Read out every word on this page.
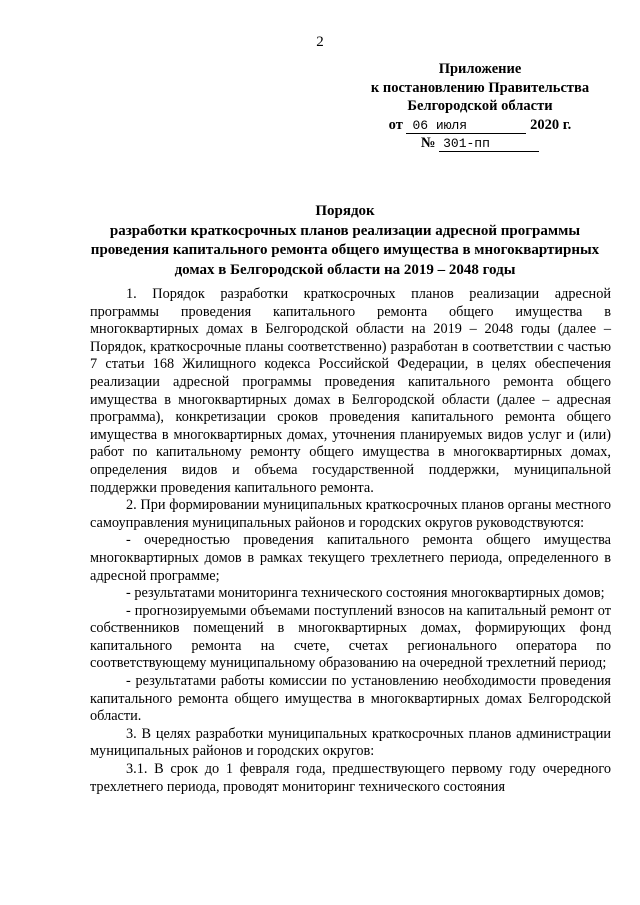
2
Приложение
к постановлению Правительства
Белгородской области
от 06 июля	2020 г.
№ 301-пп
Порядок
разработки краткосрочных планов реализации адресной программы
проведения капитального ремонта общего имущества в многоквартирных
домах в Белгородской области на 2019 – 2048 годы

1. Порядок разработки краткосрочных планов реализации адресной программы проведения капитального ремонта общего имущества в многоквартирных домах в Белгородской области на 2019 – 2048 годы (далее – Порядок, краткосрочные планы соответственно) разработан в соответствии с частью 7 статьи 168 Жилищного кодекса Российской Федерации, в целях обеспечения реализации адресной программы проведения капитального ремонта общего имущества в многоквартирных домах в Белгородской области (далее – адресная программа), конкретизации сроков проведения капитального ремонта общего имущества в многоквартирных домах, уточнения планируемых видов услуг и (или) работ по капитальному ремонту общего имущества в многоквартирных домах, определения видов и объема государственной поддержки, муниципальной поддержки проведения капитального ремонта.

2. При формировании муниципальных краткосрочных планов органы местного самоуправления муниципальных районов и городских округов руководствуются:

- очередностью проведения капитального ремонта общего имущества многоквартирных домов в рамках текущего трехлетнего периода, определенного в адресной программе;

- результатами мониторинга технического состояния многоквартирных домов;

- прогнозируемыми объемами поступлений взносов на капитальный ремонт от собственников помещений в многоквартирных домах, формирующих фонд капитального ремонта на счете, счетах регионального оператора по соответствующему муниципальному образованию на очередной трехлетний период;

- результатами работы комиссии по установлению необходимости проведения капитального ремонта общего имущества в многоквартирных домах Белгородской области.

3. В целях разработки муниципальных краткосрочных планов администрации муниципальных районов и городских округов:

3.1. В срок до 1 февраля года, предшествующего первому году очередного трехлетнего периода, проводят мониторинг технического состояния
